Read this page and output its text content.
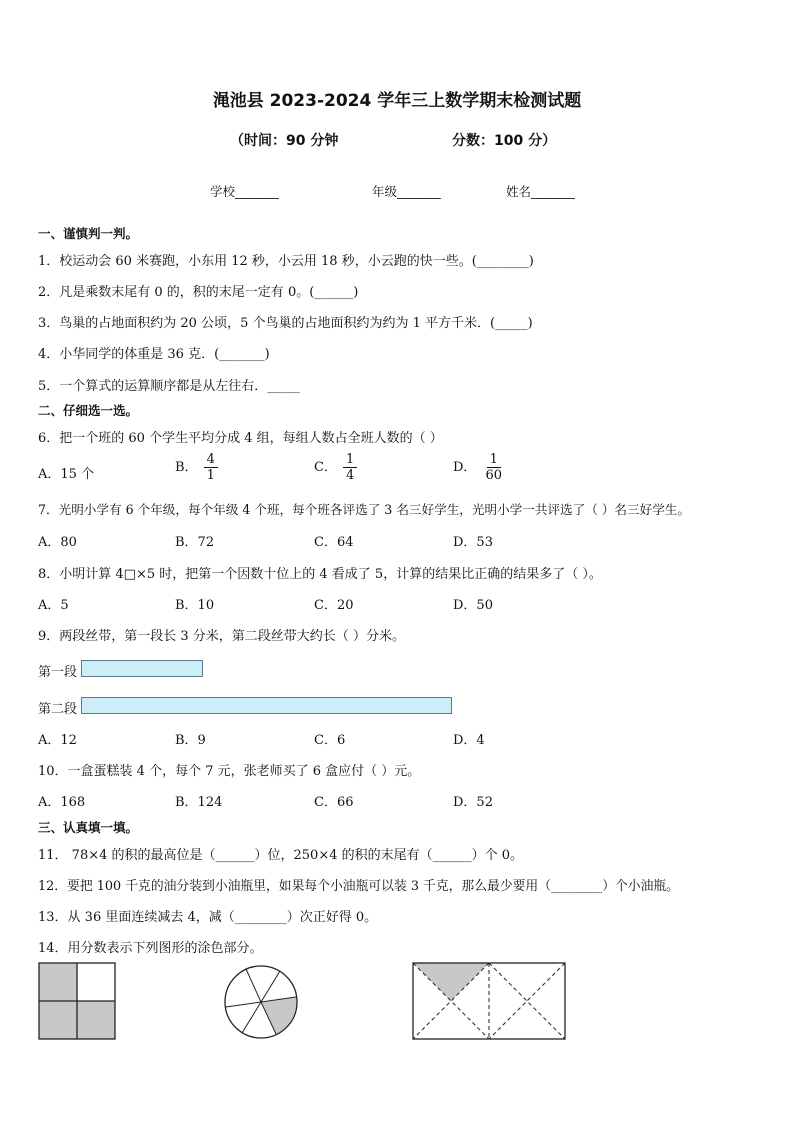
渑池县 2023-2024 学年三上数学期末检测试题
（时间：90 分钟	分数：100 分）
学校_______	年级_______	姓名_______
一、谨慎判一判。
1．校运动会 60 米赛跑，小东用 12 秒，小云用 18 秒，小云跑的快一些。(________)
2．凡是乘数末尾有 0 的，积的末尾一定有 0。(______)
3．鸟巢的占地面积约为 20 公顷，5 个鸟巢的占地面积约为约为 1 平方千米．(_____)
4．小华同学的体重是 36 克．(_______)
5．一个算式的运算顺序都是从左往右．_____
二、仔细选一选。
6．把一个班的 60 个学生平均分成 4 组，每组人数占全班人数的（ ）
A．15 个	B． $\frac{4}{1}$	C． $\frac{1}{4}$	D． $\frac{1}{60}$
7．光明小学有 6 个年级，每个年级 4 个班，每个班各评选了 3 名三好学生，光明小学一共评选了（ ）名三好学生。
A．80	B．72	C．64	D．53
8．小明计算 4□×5 时，把第一个因数十位上的 4 看成了 5，计算的结果比正确的结果多了（ ）。
A．5	B．10	C．20	D．50
9．两段丝带，第一段长 3 分米，第二段丝带大约长（ ）分米。
第一段
第二段
A．12	B．9	C．6	D．4
10．一盒蛋糕装 4 个，每个 7 元，张老师买了 6 盒应付（ ）元。
A．168	B．124	C．66	D．52
三、认真填一填。
11． 78×4 的积的最高位是（______）位，250×4 的积的末尾有（______）个 0。
12．要把 100 千克的油分装到小油瓶里，如果每个小油瓶可以装 3 千克，那么最少要用（________）个小油瓶。
13．从 36 里面连续减去 4，减（________）次正好得 0。
14．用分数表示下列图形的涂色部分。
